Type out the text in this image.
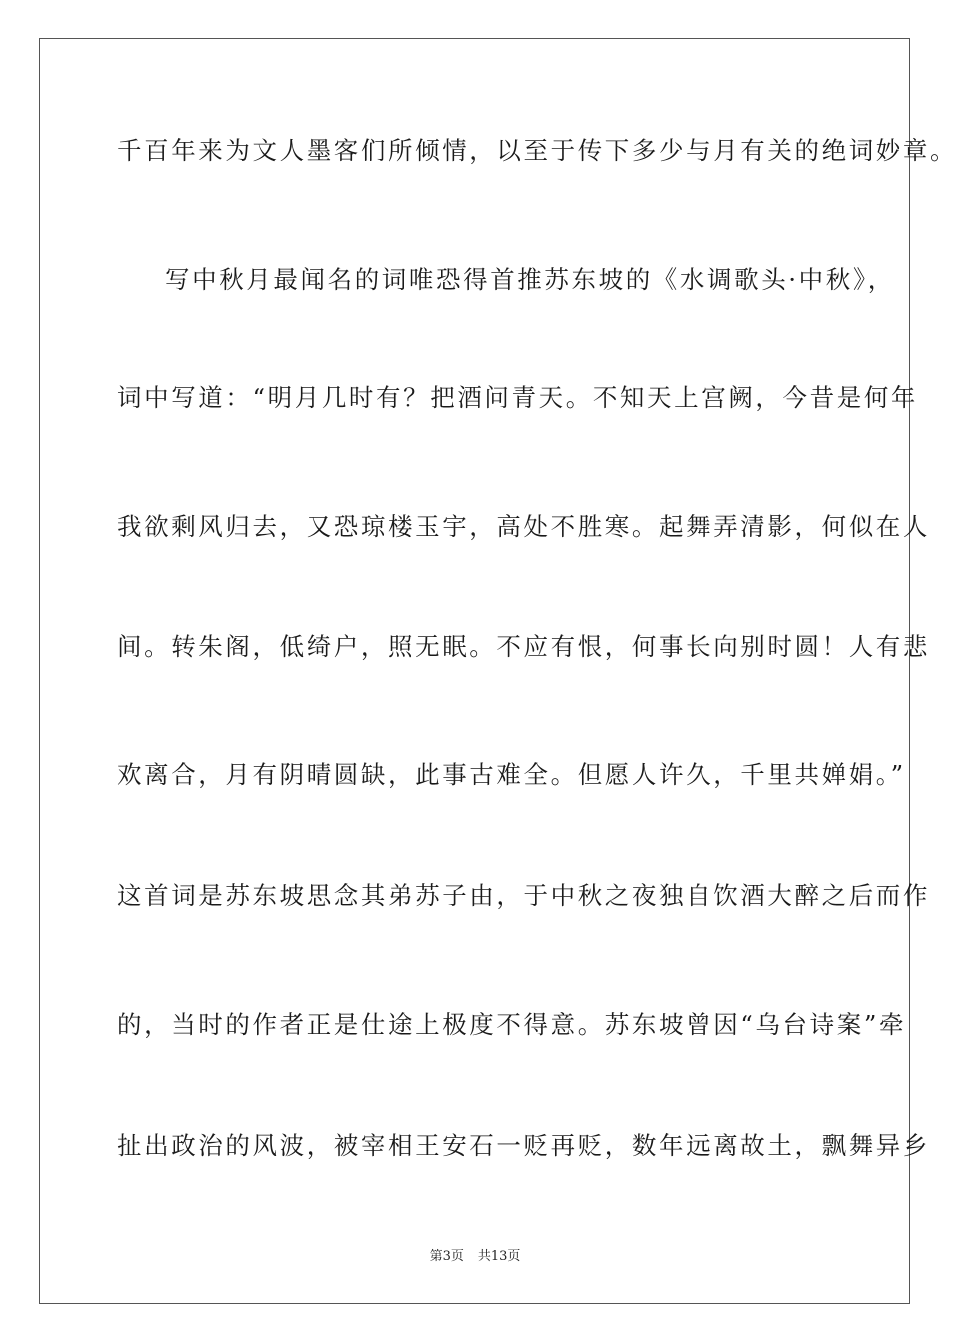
千百年来为文人墨客们所倾情，以至于传下多少与月有关的绝词妙章。
写中秋月最闻名的词唯恐得首推苏东坡的《水调歌头·中秋》，
词中写道：“明月几时有？把酒问青天。不知天上宫阙，今昔是何年
我欲剩风归去，又恐琼楼玉宇，高处不胜寒。起舞弄清影，何似在人
间。转朱阁，低绮户，照无眠。不应有恨，何事长向别时圆！人有悲
欢离合，月有阴晴圆缺，此事古难全。但愿人许久，千里共婵娟。”
这首词是苏东坡思念其弟苏子由，于中秋之夜独自饮酒大醉之后而作
的，当时的作者正是仕途上极度不得意。苏东坡曾因“乌台诗案”牵
扯出政治的风波，被宰相王安石一贬再贬，数年远离故土，飘舞异乡
第3页 共13页
